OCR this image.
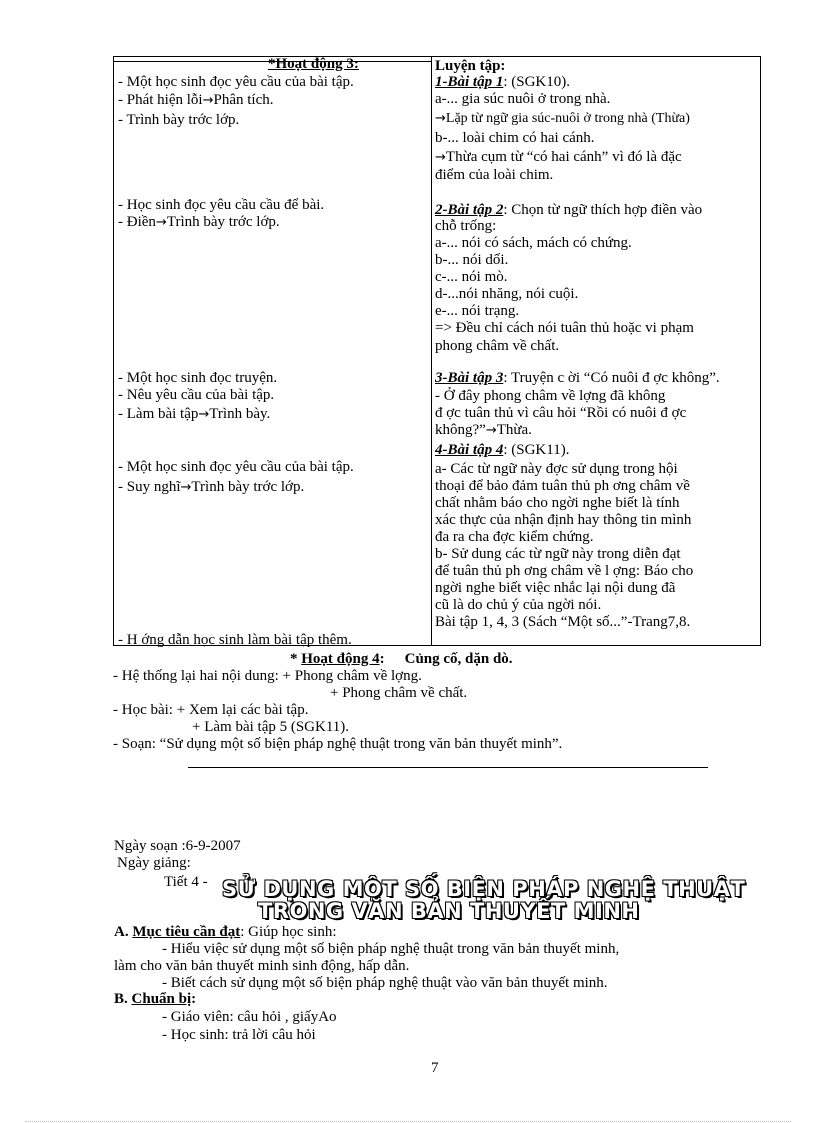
*Hoạt động 3:	Luyện tập:
- Một học sinh đọc yêu cầu của bài tập.
- Phát hiện lỗi→Phân tích.
- Trình bày trớc lớp.
- Học sinh đọc yêu cầu cầu để bài.
- Điền→Trình bày trớc lớp.
- Một học sinh đọc truyện.
- Nêu yêu cầu của bài tập.
- Làm bài tập→Trình bày.
- Một học sinh đọc yêu cầu của bài tập.
- Suy nghĩ→Trình bày trớc lớp.
- H ớng dẫn học sinh làm bài tập thêm.
1-Bài tập 1: (SGK10).
a-... gia súc nuôi ở trong nhà.
→Lặp từ ngữ gia súc-nuôi ở trong nhà (Thừa)
b-... loài chim có hai cánh.
→Thừa cụm từ “có hai cánh” vì đó là đặc
điểm của loài chim.
2-Bài tập 2: Chọn từ ngữ thích hợp điền vào
chỗ trống:
a-... nói có sách, mách có chứng.
b-... nói dối.
c-... nói mò.
d-...nói nhăng, nói cuội.
e-... nói trạng.
=> Đều chỉ cách nói tuân thủ hoặc vi phạm
phong châm về chất.
3-Bài tập 3: Truyện c ời “Có nuôi đ ợc không”.
- Ở đây phong châm về lợng đã không
đ ợc tuân thủ vì câu hỏi “Rồi có nuôi đ ợc
không?”→Thừa.
4-Bài tập 4: (SGK11).
a- Các từ ngữ này đợc sử dụng trong hội
thoại để bảo đảm tuân thủ ph ơng châm về
chất nhằm báo cho ngời nghe biết là tính
xác thực của nhận định hay thông tin mình
đa ra cha đợc kiểm chứng.
b- Sử dung các từ ngữ này trong diễn đạt
để tuân thủ ph ơng châm về l ợng: Báo cho
ngời nghe biết việc nhắc lại nội dung đã
cũ là do chủ ý của ngời nói.
Bài tập 1, 4, 3 (Sách “Một số...”-Trang7,8.
* Hoạt động 4: Củng cố, dặn dò.
- Hệ thống lại hai nội dung: + Phong châm về lợng.
+ Phong châm về chất.
- Học bài: + Xem lại các bài tập.
+ Làm bài tập 5 (SGK11).
- Soạn: “Sử dụng một số biện pháp nghệ thuật trong văn bản thuyết minh”.
Ngày soạn :6-9-2007
Ngày giảng:
Tiết 4 - SỬ DỤNG MỘT SỐ BIỆN PHÁP NGHỆ THUẬT
TRONG VĂN BẢN THUYẾT MINH
A. Mục tiêu cần đạt: Giúp học sinh:
- Hiểu việc sử dụng một số biện pháp nghệ thuật trong văn bản thuyết minh,
làm cho văn bản thuyết minh sinh động, hấp dẫn.
- Biết cách sử dụng một số biện pháp nghệ thuật vào văn bản thuyết minh.
B. Chuẩn bị:
- Giáo viên: câu hỏi , giấyAo
- Học sinh: trả lời câu hỏi
7
